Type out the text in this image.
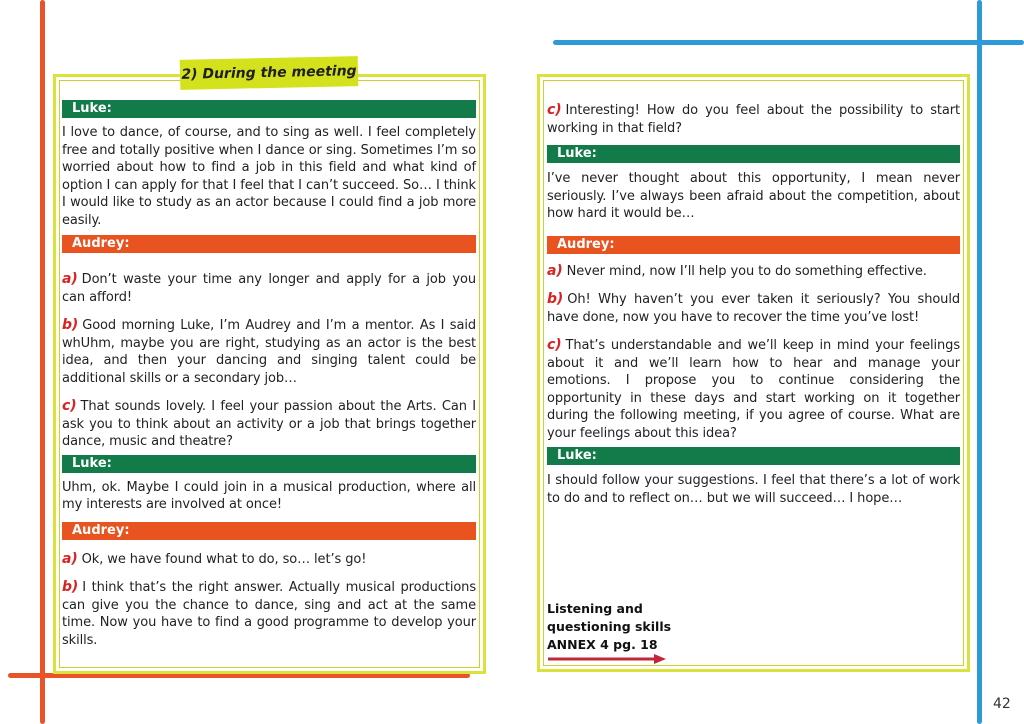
2) During the meeting
Luke:

I love to dance, of course, and to sing as well. I feel completely free and totally positive when I dance or sing. Sometimes I’m so worried about how to find a job in this field and what kind of option I can apply for that I feel that I can’t succeed. So… I think I would like to study as an actor because I could find a job more easily.

Audrey:

a) Don’t waste your time any longer and apply for a job you can afford!

b) Good morning Luke, I’m Audrey and I’m a mentor. As I said whUhm, maybe you are right, studying as an actor is the best idea, and then your dancing and singing talent could be additional skills or a secondary job…

c) That sounds lovely. I feel your passion about the Arts. Can I ask you to think about an activity or a job that brings together dance, music and theatre?

Luke:

Uhm, ok. Maybe I could join in a musical production, where all my interests are involved at once!

Audrey:

a) Ok, we have found what to do, so… let’s go!

b) I think that’s the right answer. Actually musical productions can give you the chance to dance, sing and act at the same time. Now you have to find a good programme to develop your skills.

c) Interesting! How do you feel about the possibility to start working in that field?

Luke:

I’ve never thought about this opportunity, I mean never seriously. I’ve always been afraid about the competition, about how hard it would be…

Audrey:

a) Never mind, now I’ll help you to do something effective.

b) Oh! Why haven’t you ever taken it seriously? You should have done, now you have to recover the time you’ve lost!

c) That’s understandable and we’ll keep in mind your feelings about it and we’ll learn how to hear and manage your emotions. I propose you to continue considering the opportunity in these days and start working on it together during the following meeting, if you agree of course. What are your feelings about this idea?

Luke:

I should follow your suggestions. I feel that there’s a lot of work to do and to reflect on… but we will succeed… I hope…

Listening and
questioning skills
ANNEX 4 pg. 18
42
